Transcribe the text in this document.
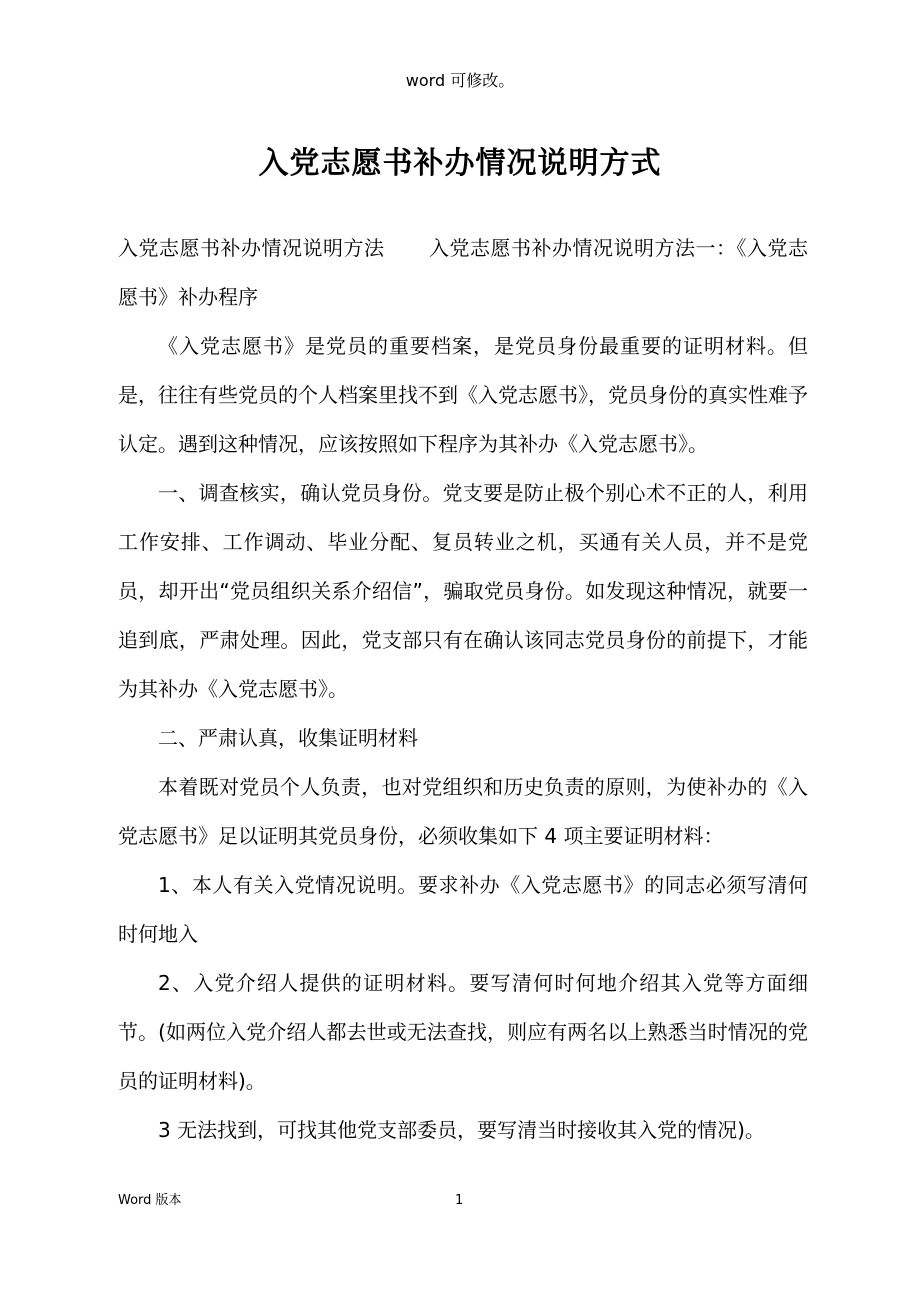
word 可修改。
入党志愿书补办情况说明方式

入党志愿书补办情况说明方法 入党志愿书补办情况说明方法一：《入党志愿书》补办程序

《入党志愿书》是党员的重要档案，是党员身份最重要的证明材料。但是，往往有些党员的个人档案里找不到《入党志愿书》，党员身份的真实性难予认定。遇到这种情况，应该按照如下程序为其补办《入党志愿书》。

一、调查核实，确认党员身份。党支要是防止极个别心术不正的人，利用工作安排、工作调动、毕业分配、复员转业之机，买通有关人员，并不是党员，却开出“党员组织关系介绍信”，骗取党员身份。如发现这种情况，就要一追到底，严肃处理。因此，党支部只有在确认该同志党员身份的前提下，才能为其补办《入党志愿书》。

二、严肃认真，收集证明材料

本着既对党员个人负责，也对党组织和历史负责的原则，为使补办的《入党志愿书》足以证明其党员身份，必须收集如下 4 项主要证明材料：

1、本人有关入党情况说明。要求补办《入党志愿书》的同志必须写清何时何地入

2、入党介绍人提供的证明材料。要写清何时何地介绍其入党等方面细节。(如两位入党介绍人都去世或无法查找，则应有两名以上熟悉当时情况的党员的证明材料)。

3 无法找到，可找其他党支部委员，要写清当时接收其入党的情况)。

Word 版本	1
